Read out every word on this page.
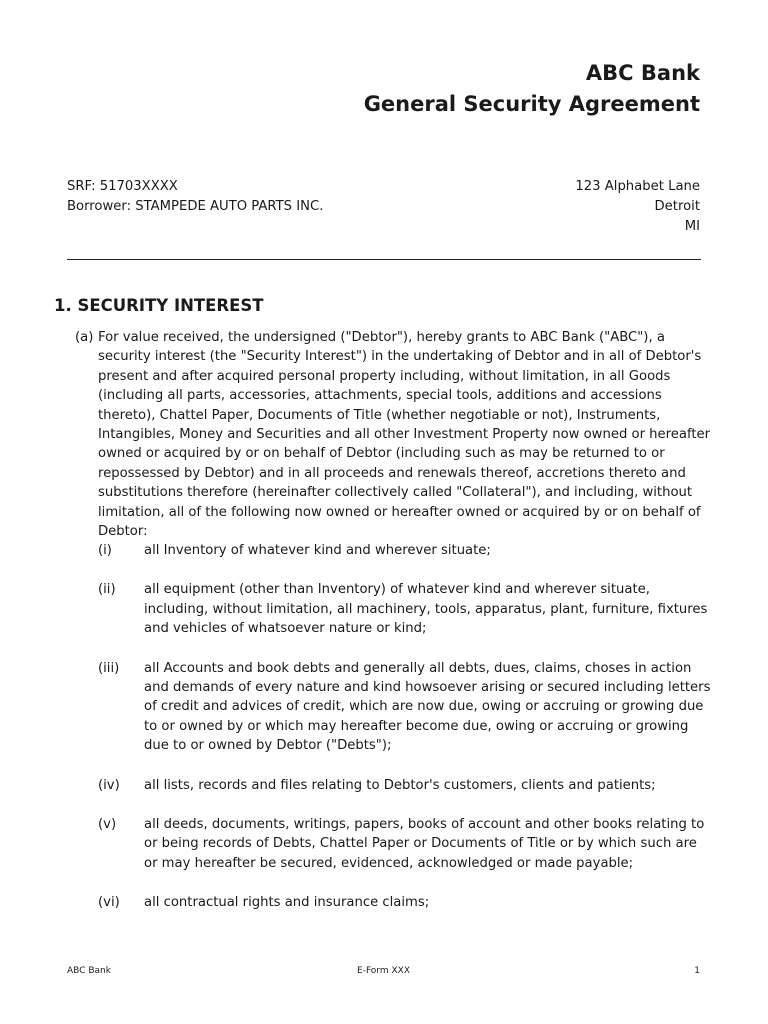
ABC Bank
General Security Agreement
SRF: 51703XXXX
Borrower: STAMPEDE AUTO PARTS INC.
123 Alphabet Lane
Detroit
MI
1. SECURITY INTEREST
(a) For value received, the undersigned ("Debtor"), hereby grants to ABC Bank ("ABC"), a security interest (the "Security Interest") in the undertaking of Debtor and in all of Debtor's present and after acquired personal property including, without limitation, in all Goods (including all parts, accessories, attachments, special tools, additions and accessions thereto), Chattel Paper, Documents of Title (whether negotiable or not), Instruments, Intangibles, Money and Securities and all other Investment Property now owned or hereafter owned or acquired by or on behalf of Debtor (including such as may be returned to or repossessed by Debtor) and in all proceeds and renewals thereof, accretions thereto and substitutions therefore (hereinafter collectively called "Collateral"), and including, without limitation, all of the following now owned or hereafter owned or acquired by or on behalf of Debtor:
(i) all Inventory of whatever kind and wherever situate;
(ii) all equipment (other than Inventory) of whatever kind and wherever situate, including, without limitation, all machinery, tools, apparatus, plant, furniture, fixtures and vehicles of whatsoever nature or kind;
(iii) all Accounts and book debts and generally all debts, dues, claims, choses in action and demands of every nature and kind howsoever arising or secured including letters of credit and advices of credit, which are now due, owing or accruing or growing due to or owned by or which may hereafter become due, owing or accruing or growing due to or owned by Debtor ("Debts");
(iv) all lists, records and files relating to Debtor's customers, clients and patients;
(v) all deeds, documents, writings, papers, books of account and other books relating to or being records of Debts, Chattel Paper or Documents of Title or by which such are or may hereafter be secured, evidenced, acknowledged or made payable;
(vi) all contractual rights and insurance claims;
ABC Bank	E-Form XXX	1
